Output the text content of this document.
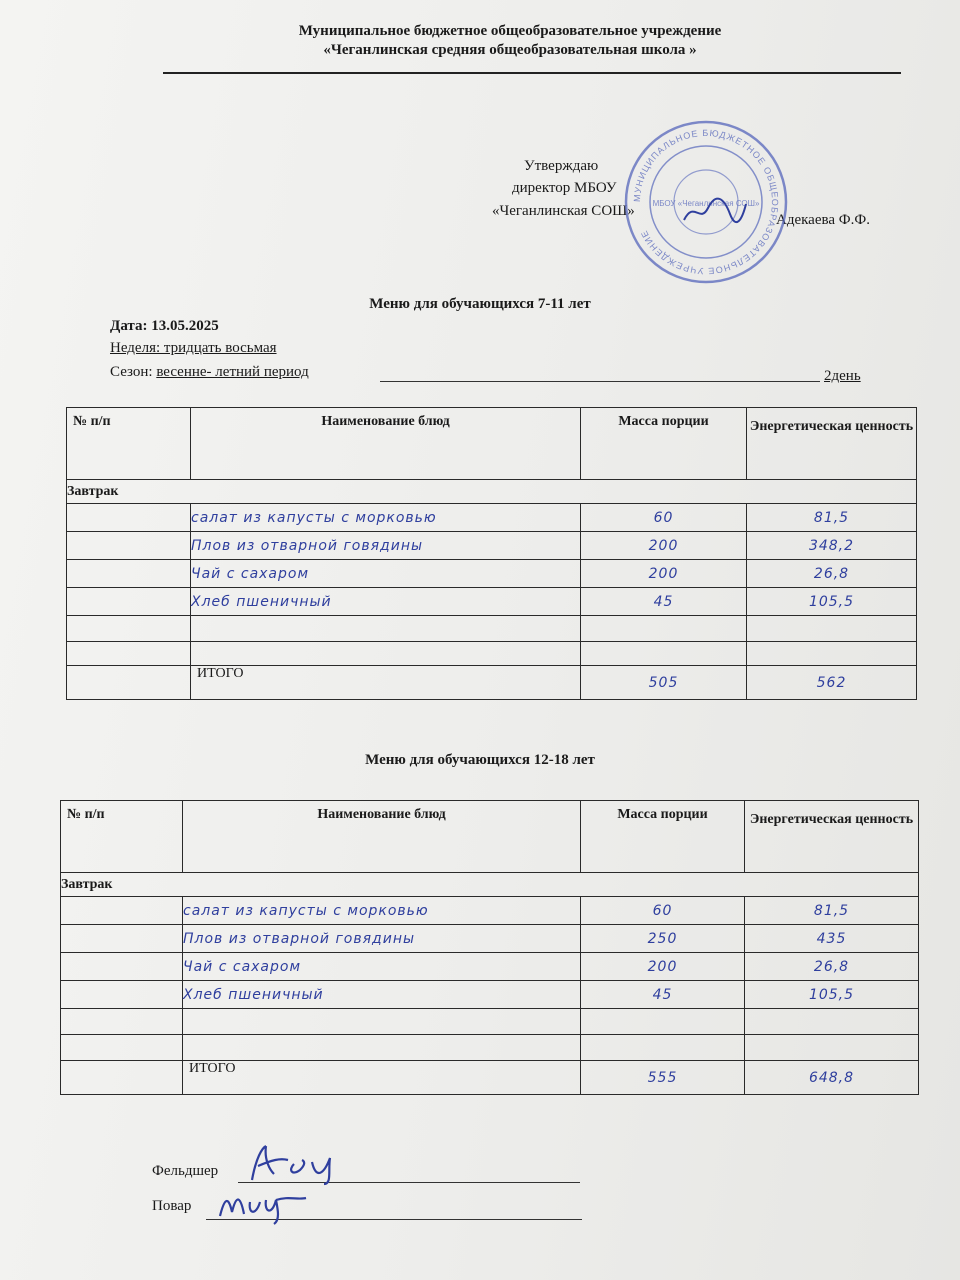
Муниципальное бюджетное общеобразовательное учреждение
«Чеганлинская средняя общеобразовательная школа »
Утверждаю
директор МБОУ
«Чеганлинская СОШ»
Адекаева Ф.Ф.
МУНИЦИПАЛЬНОЕ БЮДЖЕТНОЕ ОБЩЕОБРАЗОВАТЕЛЬНОЕ УЧРЕЖДЕНИЕ
МБОУ «Чеганлинская СОШ»
Меню для обучающихся 7-11 лет
Дата: 13.05.2025
Неделя: тридцать восьмая
Сезон: весенне- летний период	2день
№ п/п	Наименование блюд	Масса порции	Энергетическая ценность
Завтрак			
	салат из капусты с морковью	60	81,5
	Плов из отварной говядины	200	348,2
	Чай с сахаром	200	26,8
	Хлеб пшеничный	45	105,5

	ИТОГО	505	562
Меню для обучающихся 12-18 лет
№ п/п	Наименование блюд	Масса порции	Энергетическая ценность
Завтрак			
	салат из капусты с морковью	60	81,5
	Плов из отварной говядины	250	435
	Чай с сахаром	200	26,8
	Хлеб пшеничный	45	105,5

	ИТОГО	555	648,8
Фельдшер
Повар
